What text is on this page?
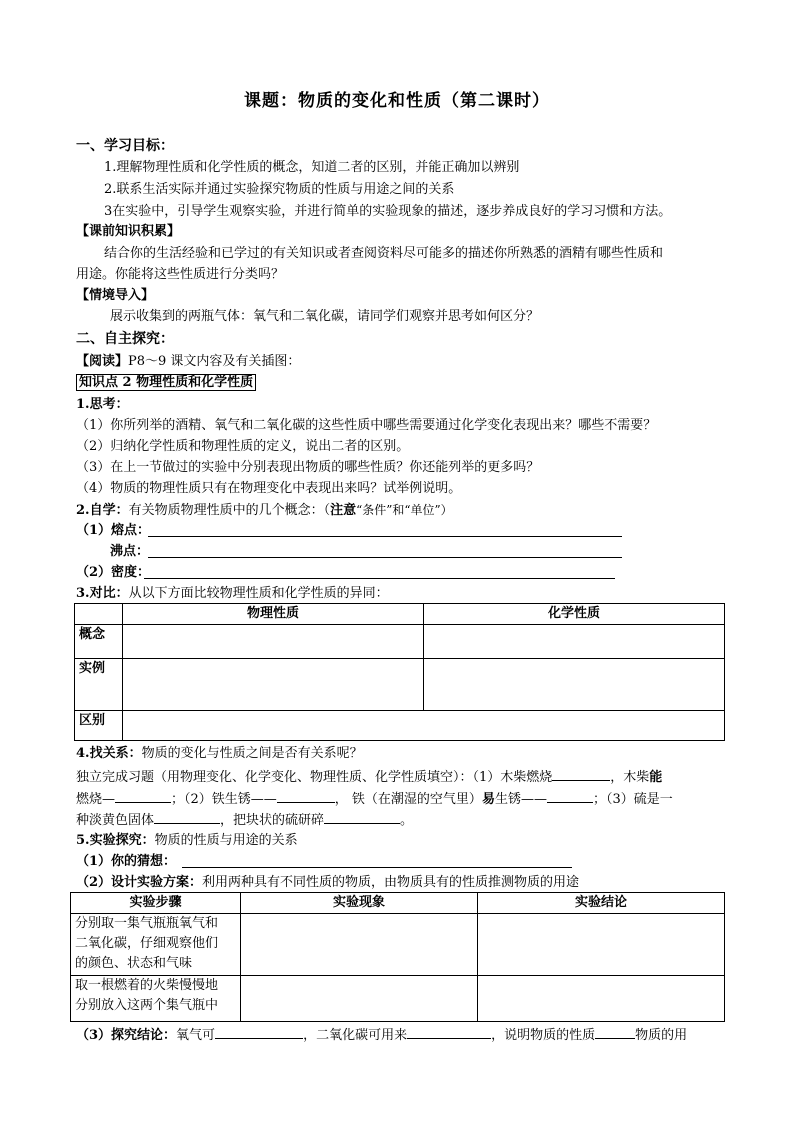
课题：物质的变化和性质（第二课时）
一、学习目标：
1.理解物理性质和化学性质的概念，知道二者的区别，并能正确加以辨别
2.联系生活实际并通过实验探究物质的性质与用途之间的关系
3在实验中，引导学生观察实验，并进行简单的实验现象的描述，逐步养成良好的学习习惯和方法。
【课前知识积累】
结合你的生活经验和已学过的有关知识或者查阅资料尽可能多的描述你所熟悉的酒精有哪些性质和
用途。你能将这些性质进行分类吗？
【情境导入】
展示收集到的两瓶气体：氧气和二氧化碳，请同学们观察并思考如何区分？
二、自主探究：
【阅读】P8～9 课文内容及有关插图：
知识点 2 物理性质和化学性质
1.思考：
（1）你所列举的酒精、氧气和二氧化碳的这些性质中哪些需要通过化学变化表现出来？哪些不需要？
（2）归纳化学性质和物理性质的定义，说出二者的区别。
（3）在上一节做过的实验中分别表现出物质的哪些性质？你还能列举的更多吗？
（4）物质的物理性质只有在物理变化中表现出来吗？试举例说明。
2.自学：有关物质物理性质中的几个概念：（注意“条件”和“单位”）
（1）熔点：
沸点：
（2）密度：
3.对比：从以下方面比较物理性质和化学性质的异同：
	物理性质	化学性质
概念		
实例		
区别		
4.找关系：物质的变化与性质之间是否有关系呢？
独立完成习题（用物理变化、化学变化、物理性质、化学性质填空）：（1）木柴燃烧	，木柴能
燃烧—	；（2）铁生锈——	， 铁（在潮湿的空气里）易生锈——	；（3）硫是一
种淡黄色固体	，把块状的硫研碎	。
5.实验探究：物质的性质与用途的关系
（1）你的猜想：
（2）设计实验方案：利用两种具有不同性质的物质，由物质具有的性质推测物质的用途
实验步骤	实验现象	实验结论

分别取一集气瓶瓶氧气和
二氧化碳，仔细观察他们
的颜色、状态和气味		

取一根燃着的火柴慢慢地
分别放入这两个集气瓶中		

（3）探究结论：氧气可	，二氧化碳可用来	，说明物质的性质	物质的用
